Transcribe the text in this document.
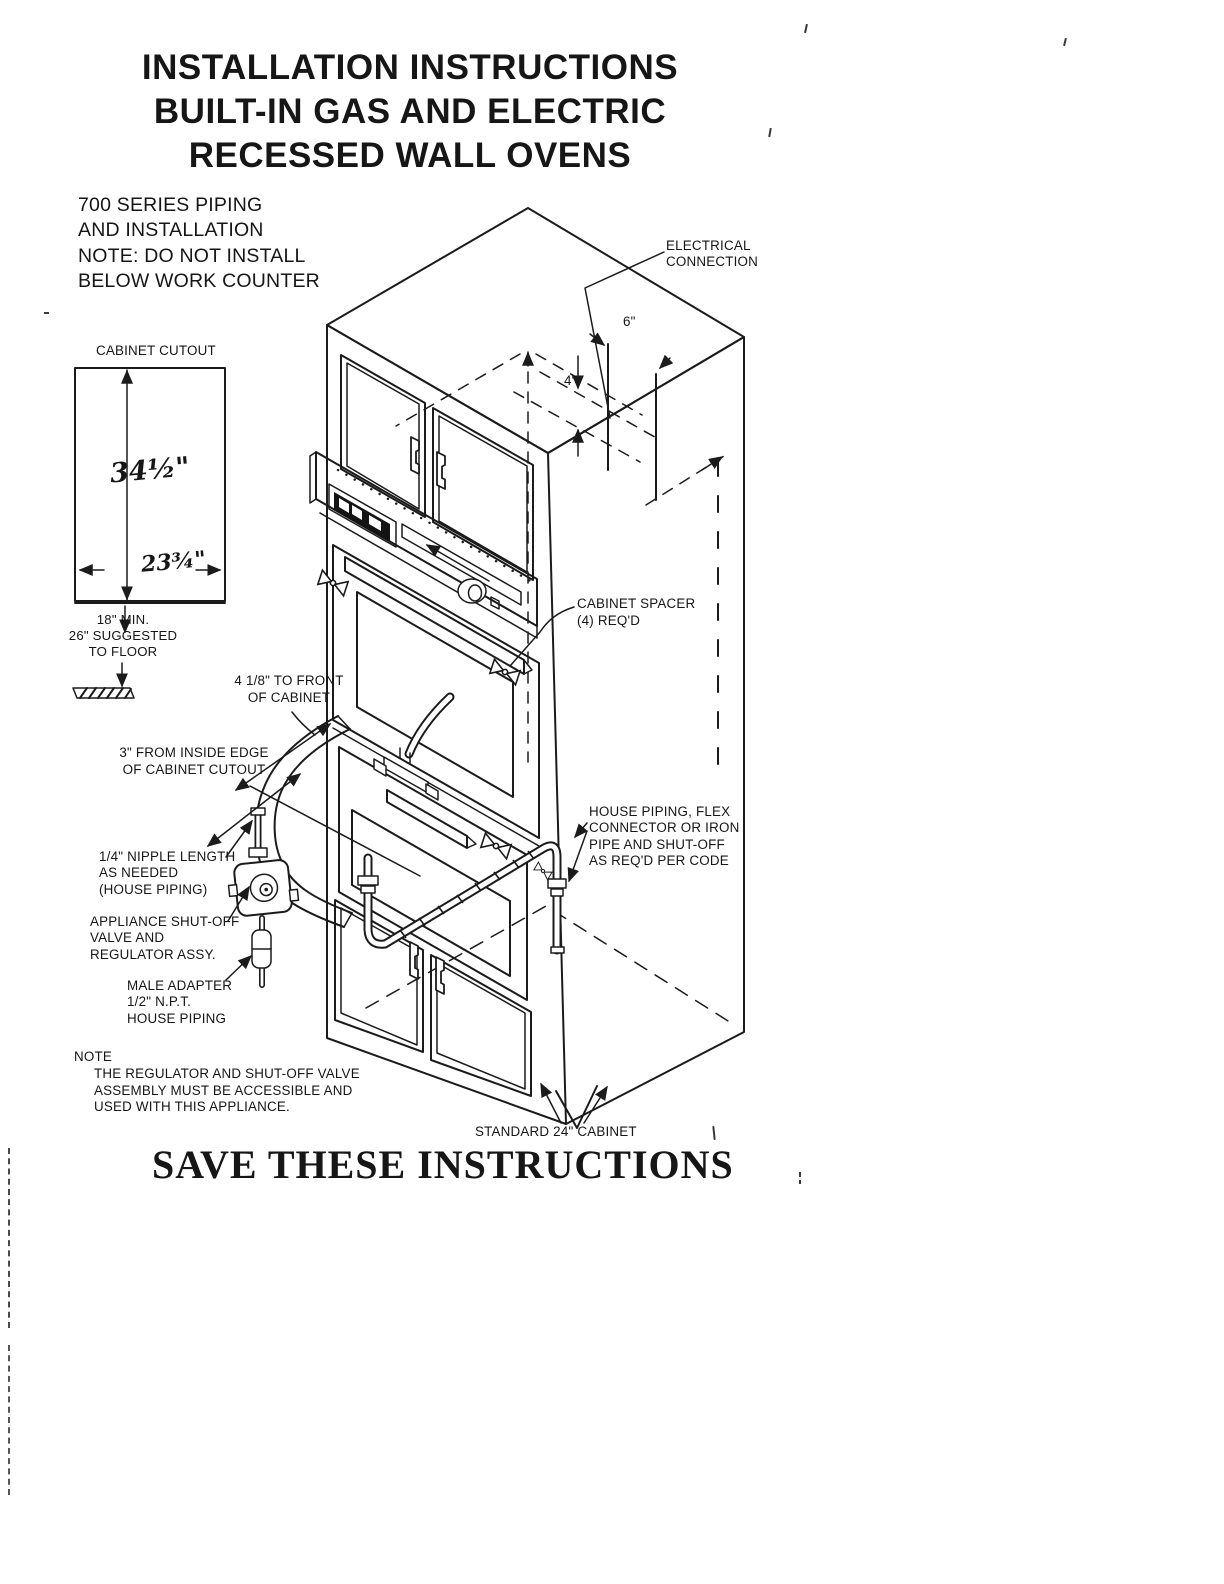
INSTALLATION INSTRUCTIONS
BUILT-IN GAS AND ELECTRIC
RECESSED WALL OVENS
700 SERIES PIPING
AND INSTALLATION
NOTE: DO NOT INSTALL
BELOW WORK COUNTER
CABINET CUTOUT
34½"
23¾"
18" MIN.
26" SUGGESTED
TO FLOOR
ELECTRICAL
CONNECTION
6"
4"
CABINET SPACER
(4) REQ'D
4 1/8" TO FRONT
OF CABINET
3" FROM INSIDE EDGE
OF CABINET CUTOUT
1/4" NIPPLE LENGTH
AS NEEDED
(HOUSE PIPING)
APPLIANCE SHUT-OFF
VALVE AND
REGULATOR ASSY.
MALE ADAPTER
1/2" N.P.T.
HOUSE PIPING
HOUSE PIPING, FLEX
CONNECTOR OR IRON
PIPE AND SHUT-OFF
AS REQ'D PER CODE
NOTE
THE REGULATOR AND SHUT-OFF VALVE
ASSEMBLY MUST BE ACCESSIBLE AND
USED WITH THIS APPLIANCE.
STANDARD 24" CABINET
SAVE THESE INSTRUCTIONS
